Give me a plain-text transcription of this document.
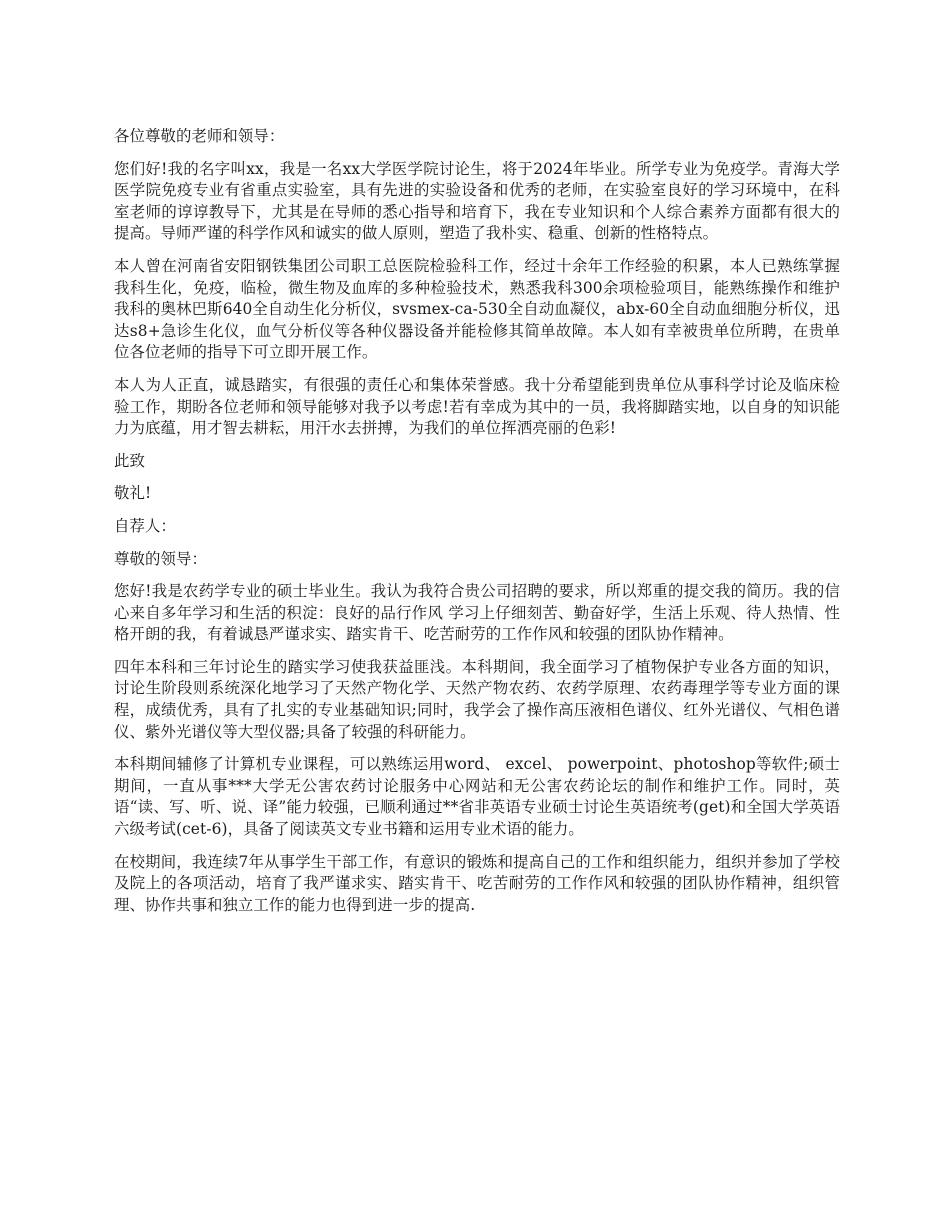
各位尊敬的老师和领导：

您们好!我的名字叫xx，我是一名xx大学医学院讨论生，将于2024年毕业。所学专业为免疫学。青海大学医学院免疫专业有省重点实验室，具有先进的实验设备和优秀的老师，在实验室良好的学习环境中，在科室老师的谆谆教导下，尤其是在导师的悉心指导和培育下，我在专业知识和个人综合素养方面都有很大的提高。导师严谨的科学作风和诚实的做人原则，塑造了我朴实、稳重、创新的性格特点。

本人曾在河南省安阳钢铁集团公司职工总医院检验科工作，经过十余年工作经验的积累，本人已熟练掌握我科生化，免疫，临检，微生物及血库的多种检验技术，熟悉我科300余项检验项目，能熟练操作和维护我科的奥林巴斯640全自动生化分析仪，svsmex-ca-530全自动血凝仪，abx-60全自动血细胞分析仪，迅达s8+急诊生化仪，血气分析仪等各种仪器设备并能检修其简单故障。本人如有幸被贵单位所聘，在贵单位各位老师的指导下可立即开展工作。

本人为人正直，诚恳踏实，有很强的责任心和集体荣誉感。我十分希望能到贵单位从事科学讨论及临床检验工作，期盼各位老师和领导能够对我予以考虑!若有幸成为其中的一员，我将脚踏实地，以自身的知识能力为底蕴，用才智去耕耘，用汗水去拼搏，为我们的单位挥洒亮丽的色彩!

此致

敬礼!

自荐人：

尊敬的领导：

您好!我是农药学专业的硕士毕业生。我认为我符合贵公司招聘的要求，所以郑重的提交我的简历。我的信心来自多年学习和生活的积淀：良好的品行作风 学习上仔细刻苦、勤奋好学，生活上乐观、待人热情、性格开朗的我，有着诚恳严谨求实、踏实肯干、吃苦耐劳的工作作风和较强的团队协作精神。

四年本科和三年讨论生的踏实学习使我获益匪浅。本科期间，我全面学习了植物保护专业各方面的知识， 讨论生阶段则系统深化地学习了天然产物化学、天然产物农药、农药学原理、农药毒理学等专业方面的课程，成绩优秀，具有了扎实的专业基础知识;同时，我学会了操作高压液相色谱仪、红外光谱仪、气相色谱仪、紫外光谱仪等大型仪器;具备了较强的科研能力。

本科期间辅修了计算机专业课程，可以熟练运用word、 excel、 powerpoint、photoshop等软件;硕士期间，一直从事***大学无公害农药讨论服务中心网站和无公害农药论坛的制作和维护工作。同时，英语“读、写、听、说、译”能力较强，已顺利通过**省非英语专业硕士讨论生英语统考(get)和全国大学英语六级考试(cet-6)，具备了阅读英文专业书籍和运用专业术语的能力。

在校期间，我连续7年从事学生干部工作，有意识的锻炼和提高自己的工作和组织能力，组织并参加了学校及院上的各项活动，培育了我严谨求实、踏实肯干、吃苦耐劳的工作作风和较强的团队协作精神，组织管理、协作共事和独立工作的能力也得到进一步的提高.
